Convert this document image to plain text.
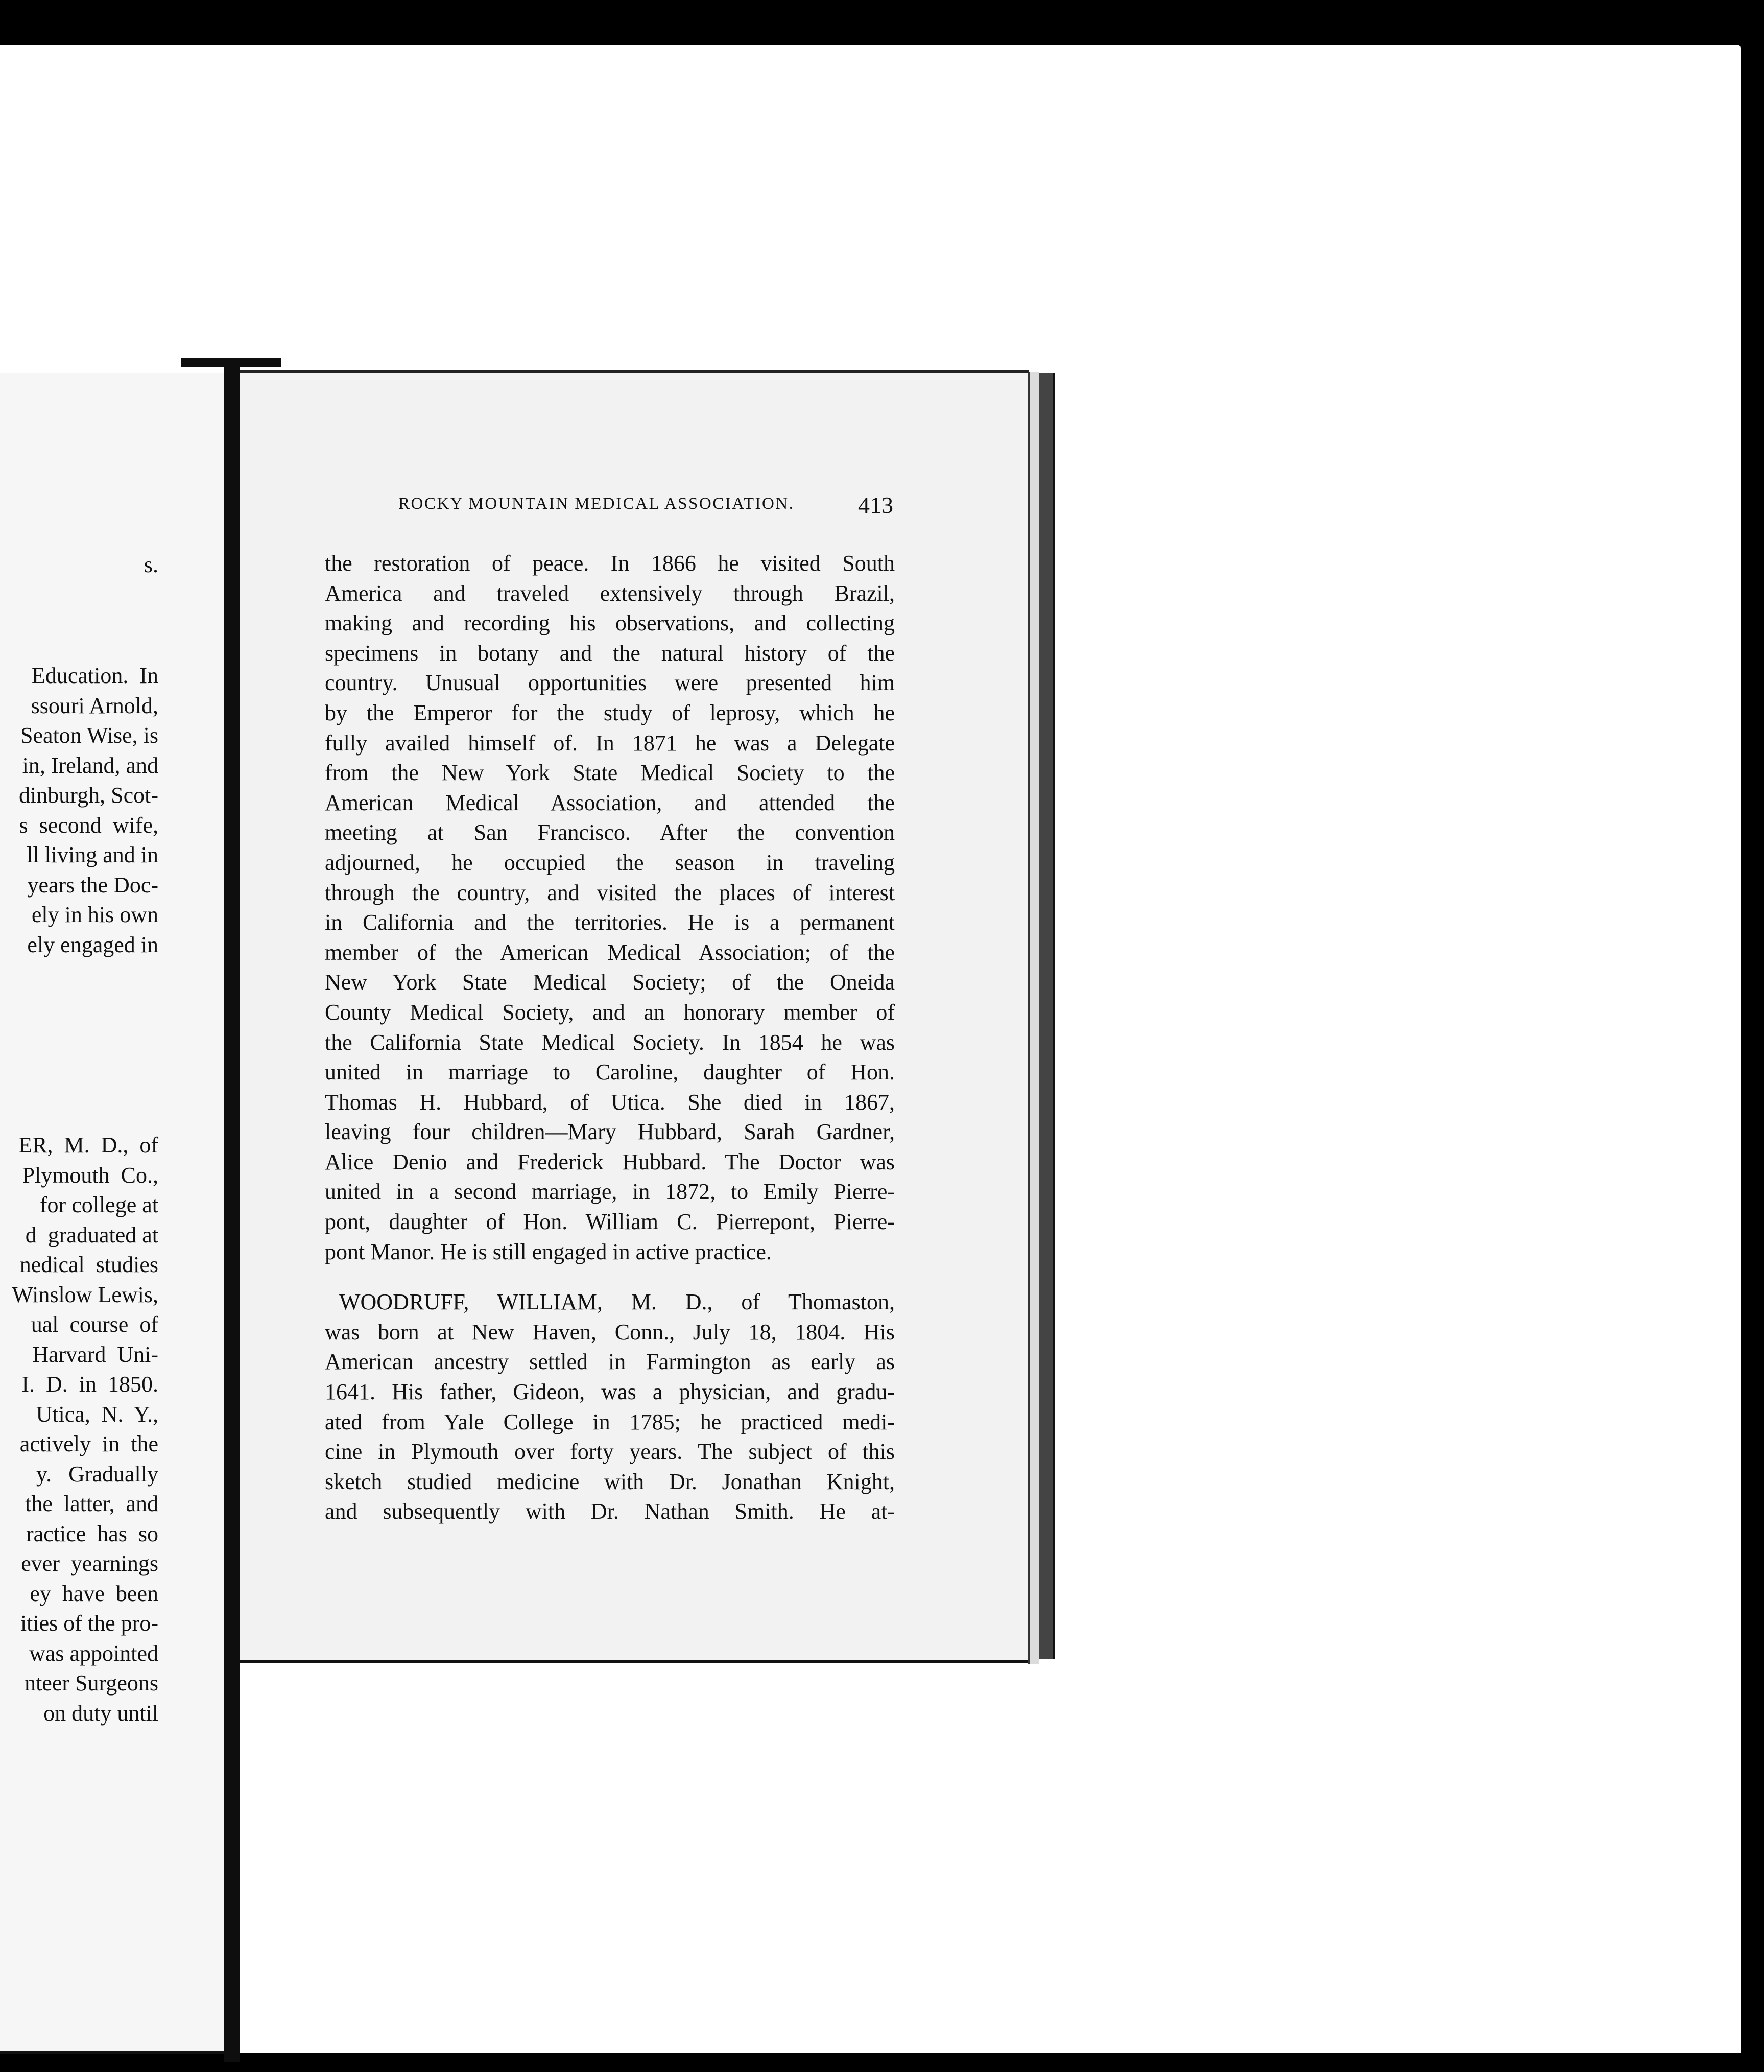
s.

Education.  In
ssouri Arnold,
Seaton Wise, is
in, Ireland, and
dinburgh, Scot-
s  second  wife,
ll living and in
years the Doc-
ely in his own
ely engaged in

ER,  M.  D.,  of
Plymouth  Co.,
for college at
d  graduated at
nedical  studies
Winslow Lewis,
ual  course  of
Harvard  Uni-
I.  D.  in  1850.
Utica,  N.  Y.,
actively  in  the
y.   Gradually
the  latter,  and
ractice  has  so
ever  yearnings
ey  have  been
ities of the pro-
was appointed
nteer Surgeons
on duty until

ROCKY MOUNTAIN MEDICAL ASSOCIATION.	413
the restoration of peace. In 1866 he visited South
America and traveled extensively through Brazil,
making and recording his observations, and collecting
specimens in botany and the natural history of the
country. Unusual opportunities were presented him
by the Emperor for the study of leprosy, which he
fully availed himself of. In 1871 he was a Delegate
from the New York State Medical Society to the
American Medical Association, and attended the
meeting at San Francisco. After the convention
adjourned, he occupied the season in traveling
through the country, and visited the places of interest
in California and the territories. He is a permanent
member of the American Medical Association; of the
New York State Medical Society; of the Oneida
County Medical Society, and an honorary member of
the California State Medical Society. In 1854 he was
united in marriage to Caroline, daughter of Hon.
Thomas H. Hubbard, of Utica. She died in 1867,
leaving four children—Mary Hubbard, Sarah Gardner,
Alice Denio and Frederick Hubbard. The Doctor was
united in a second marriage, in 1872, to Emily Pierre-
pont, daughter of Hon. William C. Pierrepont, Pierre-
pont Manor. He is still engaged in active practice.
WOODRUFF, WILLIAM, M. D., of Thomaston,
was born at New Haven, Conn., July 18, 1804. His
American ancestry settled in Farmington as early as
1641. His father, Gideon, was a physician, and gradu-
ated from Yale College in 1785; he practiced medi-
cine in Plymouth over forty years. The subject of this
sketch studied medicine with Dr. Jonathan Knight,
and subsequently with Dr. Nathan Smith. He at-
